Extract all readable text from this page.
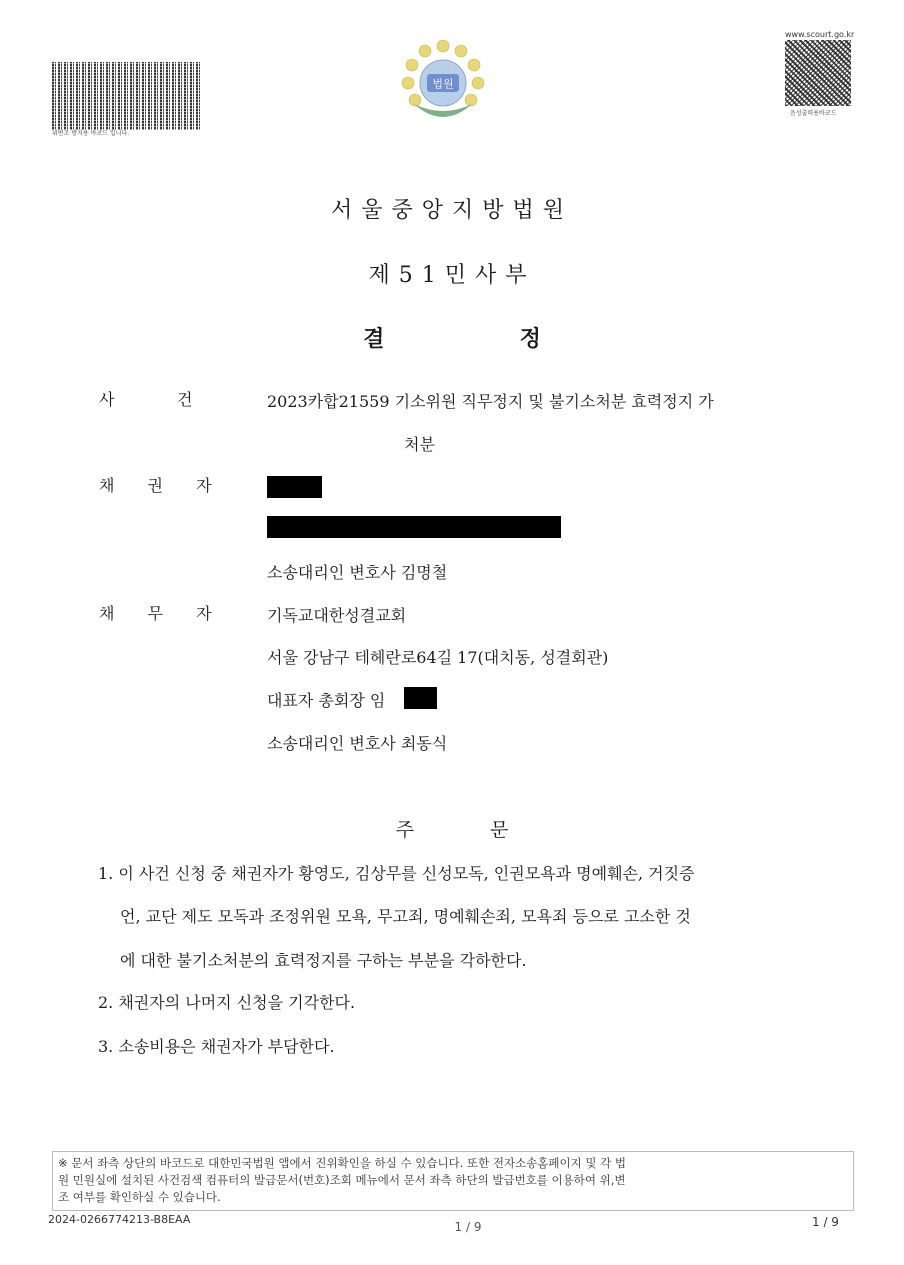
위변조 방지용 바코드 입니다.
법원
www.scourt.go.kr
음성출력용바코드
서울중앙지방법원
제51민사부
결	정
사	건	2023카합21559 기소위원 직무정지 및 불기소처분 효력정지 가
처분
채 권 자
소송대리인 변호사 김명철
채 무 자	기독교대한성결교회
서울 강남구 테헤란로64길 17(대치동, 성결회관)
대표자 총회장 임
소송대리인 변호사 최동식
주	문
1. 이 사건 신청 중 채권자가 황영도, 김상무를 신성모독, 인권모욕과 명예훼손, 거짓증
언, 교단 제도 모독과 조정위원 모욕, 무고죄, 명예훼손죄, 모욕죄 등으로 고소한 것
에 대한 불기소처분의 효력정지를 구하는 부분을 각하한다.
2. 채권자의 나머지 신청을 기각한다.
3. 소송비용은 채권자가 부담한다.
※ 문서 좌측 상단의 바코드로 대한민국법원 앱에서 진위확인을 하실 수 있습니다. 또한 전자소송홈페이지 및 각 법
원 민원실에 설치된 사건검색 컴퓨터의 발급문서(번호)조회 메뉴에서 문서 좌측 하단의 발급번호를 이용하여 위,변
조 여부를 확인하실 수 있습니다.
2024-0266774213-B8EAA
1 / 9	1 / 9
